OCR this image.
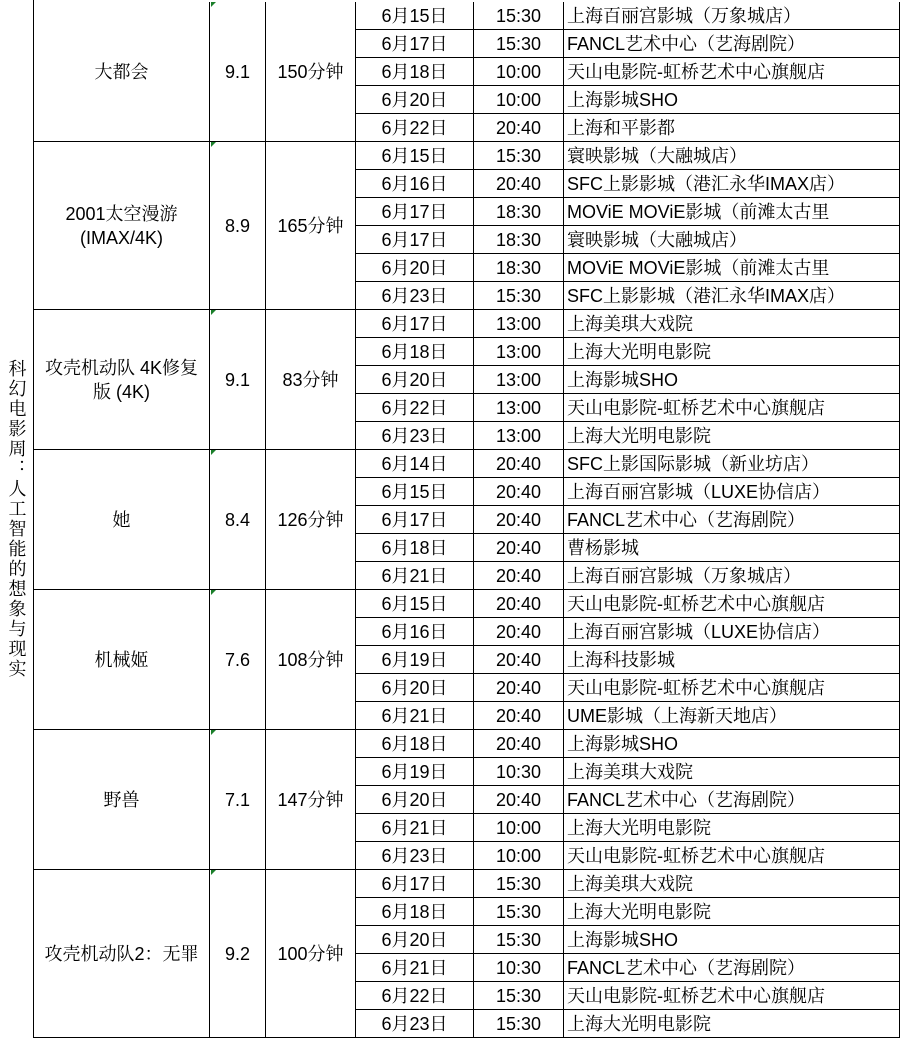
科幻电影周：人工智能的想象与现实
大都会	9.1 150分钟
6月15日	15:30	上海百丽宫影城（万象城店）
6月17日	15:30	FANCL艺术中心（艺海剧院）
6月18日	10:00	天山电影院-虹桥艺术中心旗舰店
6月20日	10:00	上海影城SHO
6月22日	20:40	上海和平影都
2001太空漫游(IMAX/4K)
8.9 165分钟
6月15日	15:30	寰映影城（大融城店）
6月16日	20:40	SFC上影影城（港汇永华IMAX店）
6月17日	18:30	MOViE MOViE影城（前滩太古里
6月17日	18:30	寰映影城（大融城店）
6月20日	18:30	MOViE MOViE影城（前滩太古里
6月23日	15:30	SFC上影影城（港汇永华IMAX店）
攻壳机动队 4K修复版 (4K)
9.1 83分钟
6月17日	13:00	上海美琪大戏院
6月18日	13:00	上海大光明电影院
6月20日	13:00	上海影城SHO
6月22日	13:00	天山电影院-虹桥艺术中心旗舰店
6月23日	13:00	上海大光明电影院
她	8.4 126分钟
6月14日	20:40	SFC上影国际影城（新业坊店）
6月15日	20:40	上海百丽宫影城（LUXE协信店）
6月17日	20:40	FANCL艺术中心（艺海剧院）
6月18日	20:40	曹杨影城
6月21日	20:40	上海百丽宫影城（万象城店）
机械姬	7.6 108分钟
6月15日	20:40	天山电影院-虹桥艺术中心旗舰店
6月16日	20:40	上海百丽宫影城（LUXE协信店）
6月19日	20:40	上海科技影城
6月20日	20:40	天山电影院-虹桥艺术中心旗舰店
6月21日	20:40	UME影城（上海新天地店）
野兽	7.1 147分钟
6月18日	20:40	上海影城SHO
6月19日	10:30	上海美琪大戏院
6月20日	20:40	FANCL艺术中心（艺海剧院）
6月21日	10:00	上海大光明电影院
6月23日	10:00	天山电影院-虹桥艺术中心旗舰店
攻壳机动队2：无罪 9.2 100分钟
6月17日	15:30	上海美琪大戏院
6月18日	15:30	上海大光明电影院
6月20日	15:30	上海影城SHO
6月21日	10:30	FANCL艺术中心（艺海剧院）
6月22日	15:30	天山电影院-虹桥艺术中心旗舰店
6月23日	15:30	上海大光明电影院
